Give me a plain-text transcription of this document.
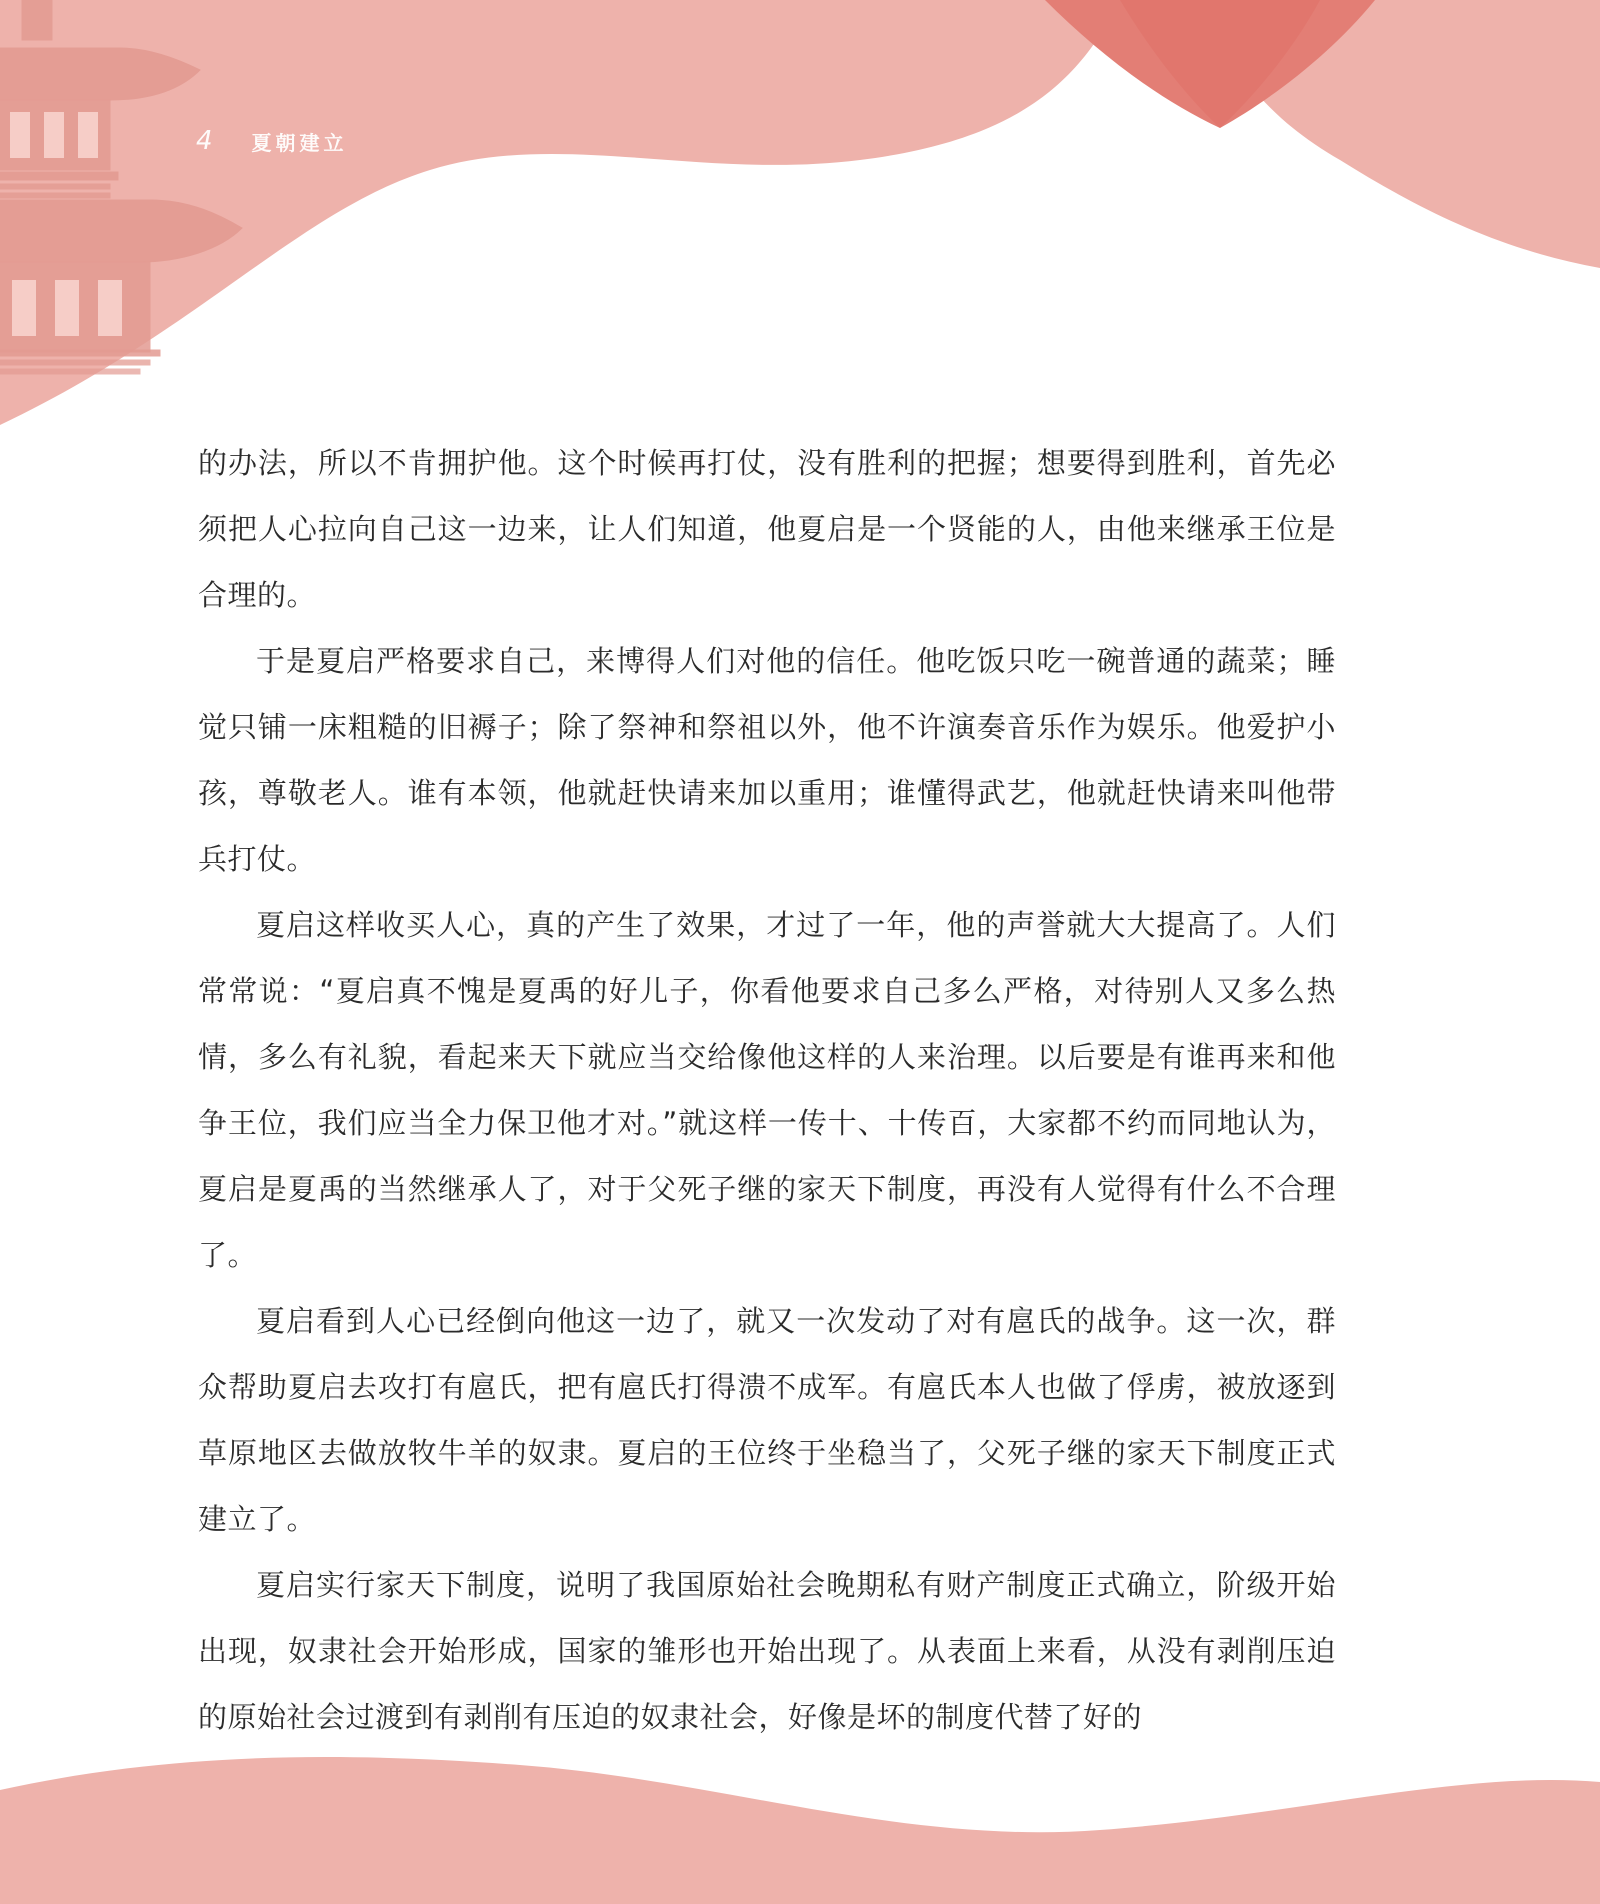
4 夏朝建立

的办法，所以不肯拥护他。这个时候再打仗，没有胜利的把握；想要得到胜利，首先必须把人心拉向自己这一边来，让人们知道，他夏启是一个贤能的人，由他来继承王位是合理的。

于是夏启严格要求自己，来博得人们对他的信任。他吃饭只吃一碗普通的蔬菜；睡觉只铺一床粗糙的旧褥子；除了祭神和祭祖以外，他不许演奏音乐作为娱乐。他爱护小孩，尊敬老人。谁有本领，他就赶快请来加以重用；谁懂得武艺，他就赶快请来叫他带兵打仗。

夏启这样收买人心，真的产生了效果，才过了一年，他的声誉就大大提高了。人们常常说：“夏启真不愧是夏禹的好儿子，你看他要求自己多么严格，对待别人又多么热情，多么有礼貌，看起来天下就应当交给像他这样的人来治理。以后要是有谁再来和他争王位，我们应当全力保卫他才对。”就这样一传十、十传百，大家都不约而同地认为，夏启是夏禹的当然继承人了，对于父死子继的家天下制度，再没有人觉得有什么不合理了。

夏启看到人心已经倒向他这一边了，就又一次发动了对有扈氏的战争。这一次，群众帮助夏启去攻打有扈氏，把有扈氏打得溃不成军。有扈氏本人也做了俘虏，被放逐到草原地区去做放牧牛羊的奴隶。夏启的王位终于坐稳当了，父死子继的家天下制度正式建立了。

夏启实行家天下制度，说明了我国原始社会晚期私有财产制度正式确立，阶级开始出现，奴隶社会开始形成，国家的雏形也开始出现了。从表面上来看，从没有剥削压迫的原始社会过渡到有剥削有压迫的奴隶社会，好像是坏的制度代替了好的
